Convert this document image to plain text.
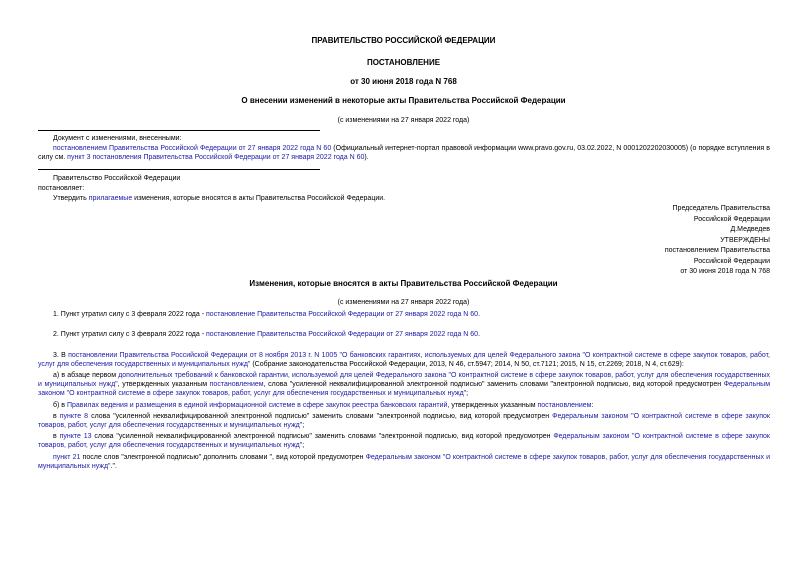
ПРАВИТЕЛЬСТВО РОССИЙСКОЙ ФЕДЕРАЦИИ
ПОСТАНОВЛЕНИЕ
от 30 июня 2018 года N 768
О внесении изменений в некоторые акты Правительства Российской Федерации
(с изменениями на 27 января 2022 года)
Документ с изменениями, внесенными:
постановлением Правительства Российской Федерации от 27 января 2022 года N 60 (Официальный интернет-портал правовой информации www.pravo.gov.ru, 03.02.2022, N 0001202202030005) (о порядке вступления в силу см. пункт 3 постановления Правительства Российской Федерации от 27 января 2022 года N 60).
Правительство Российской Федерации
постановляет:
Утвердить прилагаемые изменения, которые вносятся в акты Правительства Российской Федерации.
Председатель Правительства
Российской Федерации
Д.Медведев
УТВЕРЖДЕНЫ
постановлением Правительства
Российской Федерации
от 30 июня 2018 года N 768
Изменения, которые вносятся в акты Правительства Российской Федерации
(с изменениями на 27 января 2022 года)
1. Пункт утратил силу с 3 февраля 2022 года - постановление Правительства Российской Федерации от 27 января 2022 года N 60.
2. Пункт утратил силу с 3 февраля 2022 года - постановление Правительства Российской Федерации от 27 января 2022 года N 60.
3. В постановлении Правительства Российской Федерации от 8 ноября 2013 г. N 1005 "О банковских гарантиях, используемых для целей Федерального закона "О контрактной системе в сфере закупок товаров, работ, услуг для обеспечения государственных и муниципальных нужд" (Собрание законодательства Российской Федерации, 2013, N 46, ст.5947; 2014, N 50, ст.7121; 2015, N 15, ст.2269; 2018, N 4, ст.629):
а) в абзаце первом дополнительных требований к банковской гарантии, используемой для целей Федерального закона "О контрактной системе в сфере закупок товаров, работ, услуг для обеспечения государственных и муниципальных нужд", утвержденных указанным постановлением, слова "усиленной неквалифицированной электронной подписью" заменить словами "электронной подписью, вид которой предусмотрен Федеральным законом "О контрактной системе в сфере закупок товаров, работ, услуг для обеспечения государственных и муниципальных нужд";
б) в Правилах ведения и размещения в единой информационной системе в сфере закупок реестра банковских гарантий, утвержденных указанным постановлением:
в пункте 8 слова "усиленной неквалифицированной электронной подписью" заменить словами "электронной подписью, вид которой предусмотрен Федеральным законом "О контрактной системе в сфере закупок товаров, работ, услуг для обеспечения государственных и муниципальных нужд";
в пункте 13 слова "усиленной неквалифицированной электронной подписью" заменить словами "электронной подписью, вид которой предусмотрен Федеральным законом "О контрактной системе в сфере закупок товаров, работ, услуг для обеспечения государственных и муниципальных нужд";
пункт 21 после слов "электронной подписью" дополнить словами ", вид которой предусмотрен Федеральным законом "О контрактной системе в сфере закупок товаров, работ, услуг для обеспечения государственных и муниципальных нужд".".
